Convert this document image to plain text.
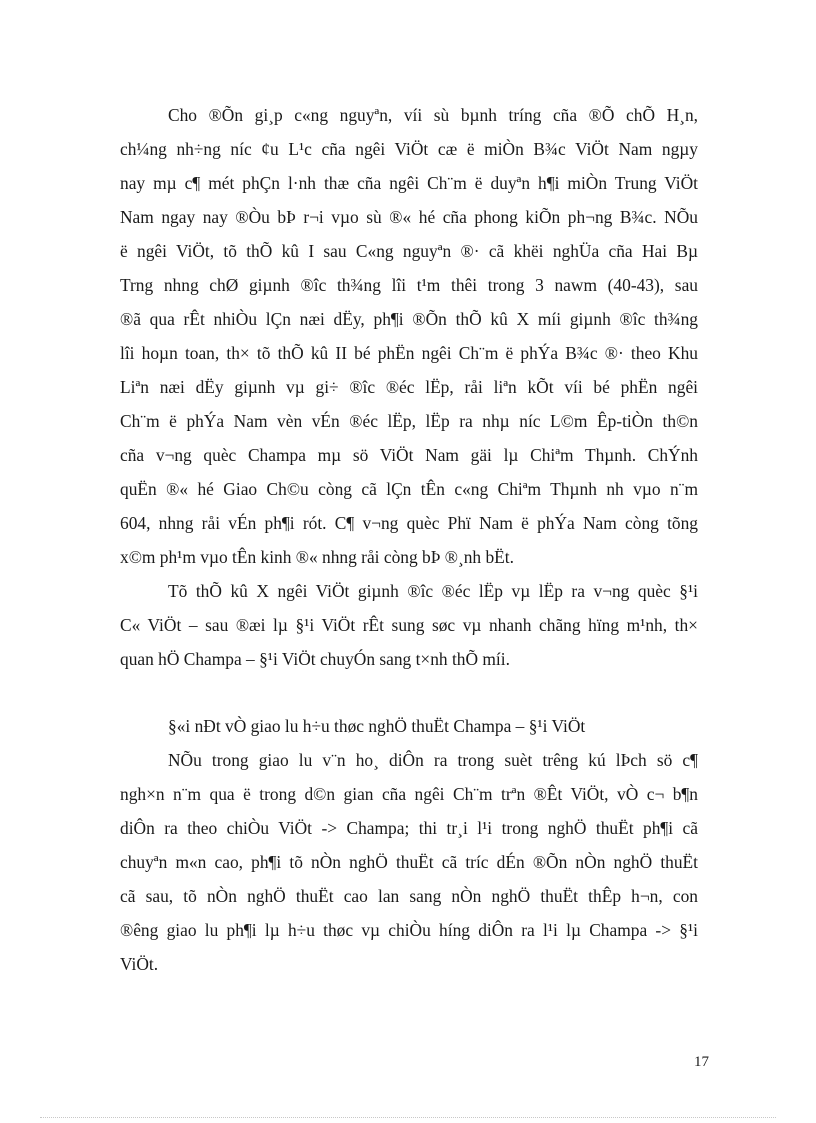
Cho ®Õn gi¸p c«ng nguyªn, víi sù bµnh tríng cña ®Õ chÕ H¸n,
ch¼ng nh÷ng níc ¢u L¹c cña ngêi ViÖt cæ ë miÒn B¾c ViÖt Nam ngµy
nay mµ c¶ mét phÇn l·nh thæ cña ngêi Ch¨m ë duyªn h¶i miÒn Trung ViÖt
Nam ngay nay ®Òu bÞ r¬i vµo sù ®« hé cña phong kiÕn ph¬ng B¾c. NÕu
ë ngêi ViÖt, tõ thÕ kû I sau C«ng nguyªn ®· cã khëi nghÜa cña Hai Bµ
Trng nhng chØ giµnh ®îc th¾ng lîi t¹m thêi trong 3 nawm (40-43), sau
®ã qua rÊt nhiÒu lÇn næi dËy, ph¶i ®Õn thÕ kû X míi giµnh ®îc th¾ng
lîi hoµn toan, th× tõ thÕ kû II bé phËn ngêi Ch¨m ë phÝa B¾c ®· theo Khu
Liªn næi dËy giµnh vµ gi÷ ®îc ®éc lËp, råi liªn kÕt víi bé phËn ngêi
Ch¨m ë phÝa Nam vèn vÉn ®éc lËp, lËp ra nhµ níc L©m Êp-tiÒn th©n
cña v¬ng quèc Champa mµ sö ViÖt Nam gäi lµ Chiªm Thµnh. ChÝnh
quËn ®« hé Giao Ch©u còng cã lÇn tÊn c«ng Chiªm Thµnh nh vµo n¨m
604, nhng råi vÉn ph¶i rót. C¶ v¬ng quèc Phï Nam ë phÝa Nam còng tõng
x©m ph¹m vµo tÊn kinh ®« nhng råi còng bÞ ®¸nh bËt.
Tõ thÕ kû X ngêi ViÖt giµnh ®îc ®éc lËp vµ lËp ra v¬ng quèc §¹i
C« ViÖt – sau ®æi lµ §¹i ViÖt rÊt sung søc vµ nhanh chãng hïng m¹nh, th×
quan hÖ Champa – §¹i ViÖt chuyÓn sang t×nh thÕ míi.
§«i nÐt vÒ giao lu h÷u thøc nghÖ thuËt Champa – §¹i ViÖt
NÕu trong giao lu v¨n ho¸ diÔn ra trong suèt trêng kú lÞch sö c¶
ngh×n n¨m qua ë trong d©n gian cña ngêi Ch¨m trªn ®Êt ViÖt, vÒ c¬ b¶n
diÔn ra theo chiÒu ViÖt -> Champa; thi tr¸i l¹i trong nghÖ thuËt ph¶i cã
chuyªn m«n cao, ph¶i tõ nÒn nghÖ thuËt cã tríc dÉn ®Õn nÒn nghÖ thuËt
cã sau, tõ nÒn nghÖ thuËt cao lan sang nÒn nghÖ thuËt thÊp h¬n, con
®êng giao lu ph¶i lµ h÷u thøc vµ chiÒu híng diÔn ra l¹i lµ Champa -> §¹i
ViÖt.
17
